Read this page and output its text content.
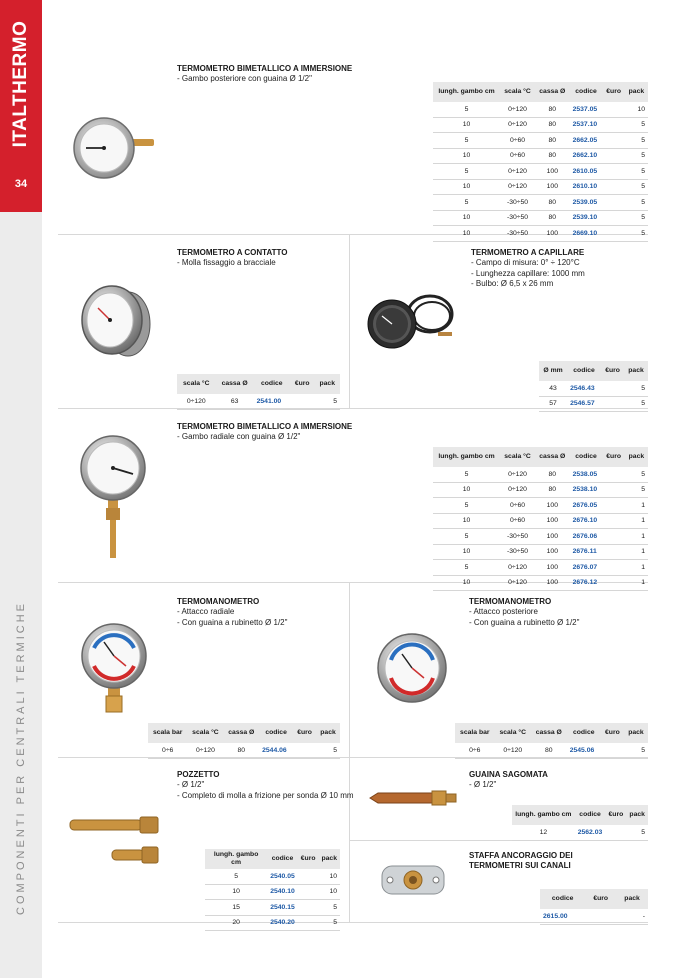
ITALTHERMO
34
COMPONENTI PER CENTRALI TERMICHE
TERMOMETRO BIMETALLICO A IMMERSIONE
- Gambo posteriore con guaina Ø 1/2"
lungh. gambo cm	scala °C	cassa Ø	codice	€uro	pack
5	0÷120	80	2537.05		10
10	0÷120	80	2537.10		5
5	0÷60	80	2662.05		5
10	0÷60	80	2662.10		5
5	0÷120	100	2610.05		5
10	0÷120	100	2610.10		5
5	-30÷50	80	2539.05		5
10	-30÷50	80	2539.10		5
10	-30÷50	100	2669.10		5
TERMOMETRO A CONTATTO
- Molla fissaggio a bracciale
scala °C	cassa Ø	codice	€uro	pack
0÷120	63	2541.00		5
TERMOMETRO A CAPILLARE
- Campo di misura: 0° ÷ 120°C
- Lunghezza capillare: 1000 mm
- Bulbo: Ø 6,5 x 26 mm
Ø mm	codice	€uro	pack
43	2546.43		5
57	2546.57		5
TERMOMETRO BIMETALLICO A IMMERSIONE
- Gambo radiale con guaina Ø 1/2"
lungh. gambo cm	scala °C	cassa Ø	codice	€uro	pack
5	0÷120	80	2538.05		5
10	0÷120	80	2538.10		5
5	0÷60	100	2676.05		1
10	0÷60	100	2676.10		1
5	-30÷50	100	2676.06		1
10	-30÷50	100	2676.11		1
5	0÷120	100	2676.07		1
10	0÷120	100	2676.12		1
TERMOMANOMETRO
- Attacco radiale
- Con guaina a rubinetto Ø 1/2"
scala bar	scala °C	cassa Ø	codice	€uro	pack
0÷6	0÷120	80	2544.06		5
TERMOMANOMETRO
- Attacco posteriore
- Con guaina a rubinetto Ø 1/2"
scala bar	scala °C	cassa Ø	codice	€uro	pack
0÷6	0÷120	80	2545.06		5
POZZETTO
- Ø 1/2"
- Completo di molla a frizione per sonda Ø 10 mm
lungh. gambo cm	codice	€uro	pack
5	2540.05		10
10	2540.10		10
15	2540.15		5
20	2540.20		5
GUAINA SAGOMATA
- Ø 1/2"
lungh. gambo cm	codice	€uro	pack
12	2562.03		5
STAFFA ANCORAGGIO DEI TERMOMETRI SUI CANALI
codice	€uro	pack
2615.00		-
